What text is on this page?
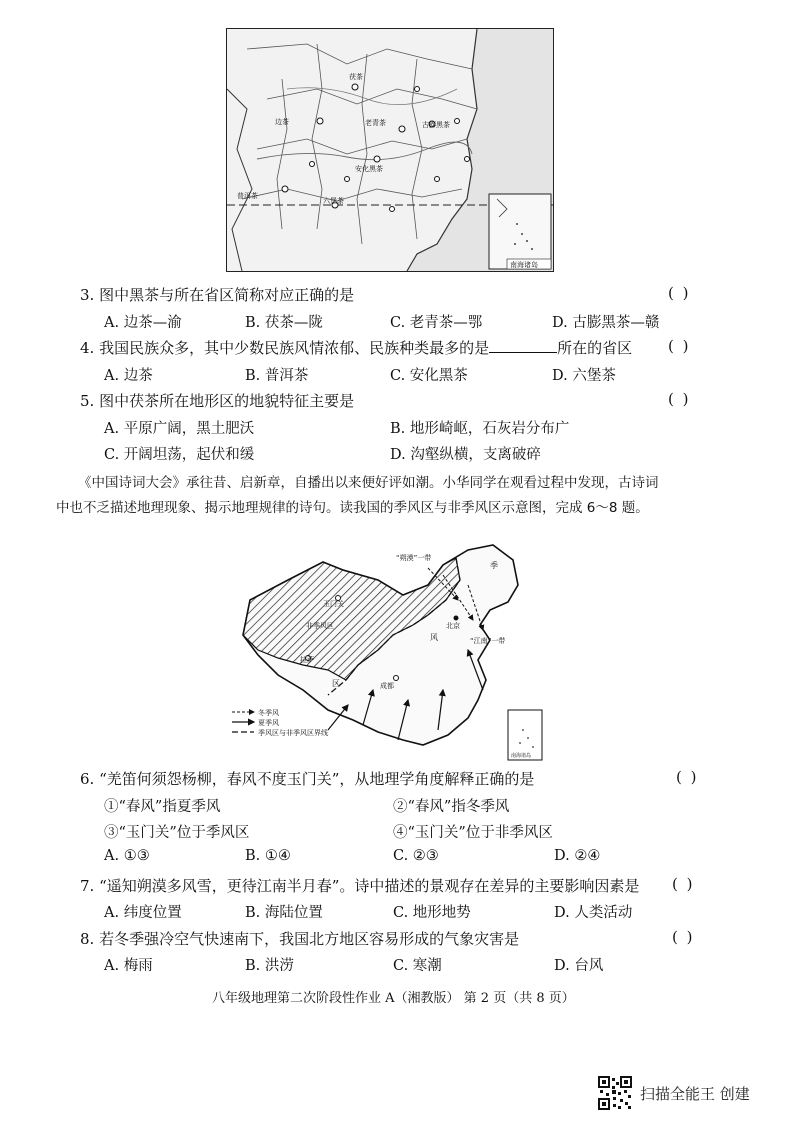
茯茶
边茶	老青茶	古膨黑茶
安化黑茶
普洱茶
六堡茶
南海诸岛
3. 图中黑茶与所在省区简称对应正确的是	( )
A. 边茶—渝	B. 茯茶—陇	C. 老青茶—鄂	D. 古膨黑茶—赣
4. 我国民族众多，其中少数民族风情浓郁、民族种类最多的是	所在的省区 ( )
A. 边茶	B. 普洱茶	C. 安化黑茶	D. 六堡茶
5. 图中茯茶所在地形区的地貌特征主要是	( )
A. 平原广阔，黑土肥沃	B. 地形崎岖，石灰岩分布广
C. 开阔坦荡，起伏和缓	D. 沟壑纵横，支离破碎
《中国诗词大会》承往昔、启新章，自播出以来便好评如潮。小华同学在观看过程中发现，古诗词
中也不乏描述地理现象、揭示地理规律的诗句。读我国的季风区与非季风区示意图，完成 6～8 题。
“朔漠”一带
季
玉门关
北京
非季风区
风	“江南”一带
拉萨
成都
区
冬季风
夏季风
季风区与非季风区界线
南海诸岛
6. “羌笛何须怨杨柳，春风不度玉门关”，从地理学角度解释正确的是	( )
①“春风”指夏季风	②“春风”指冬季风
③“玉门关”位于季风区	④“玉门关”位于非季风区
A. ①③	B. ①④	C. ②③	D. ②④
7. “遥知朔漠多风雪，更待江南半月春”。诗中描述的景观存在差异的主要影响因素是 ( )
A. 纬度位置	B. 海陆位置	C. 地形地势	D. 人类活动
8. 若冬季强冷空气快速南下，我国北方地区容易形成的气象灾害是	( )
A. 梅雨	B. 洪涝	C. 寒潮	D. 台风
八年级地理第二次阶段性作业 A（湘教版） 第 2 页（共 8 页）
扫描全能王 创建
